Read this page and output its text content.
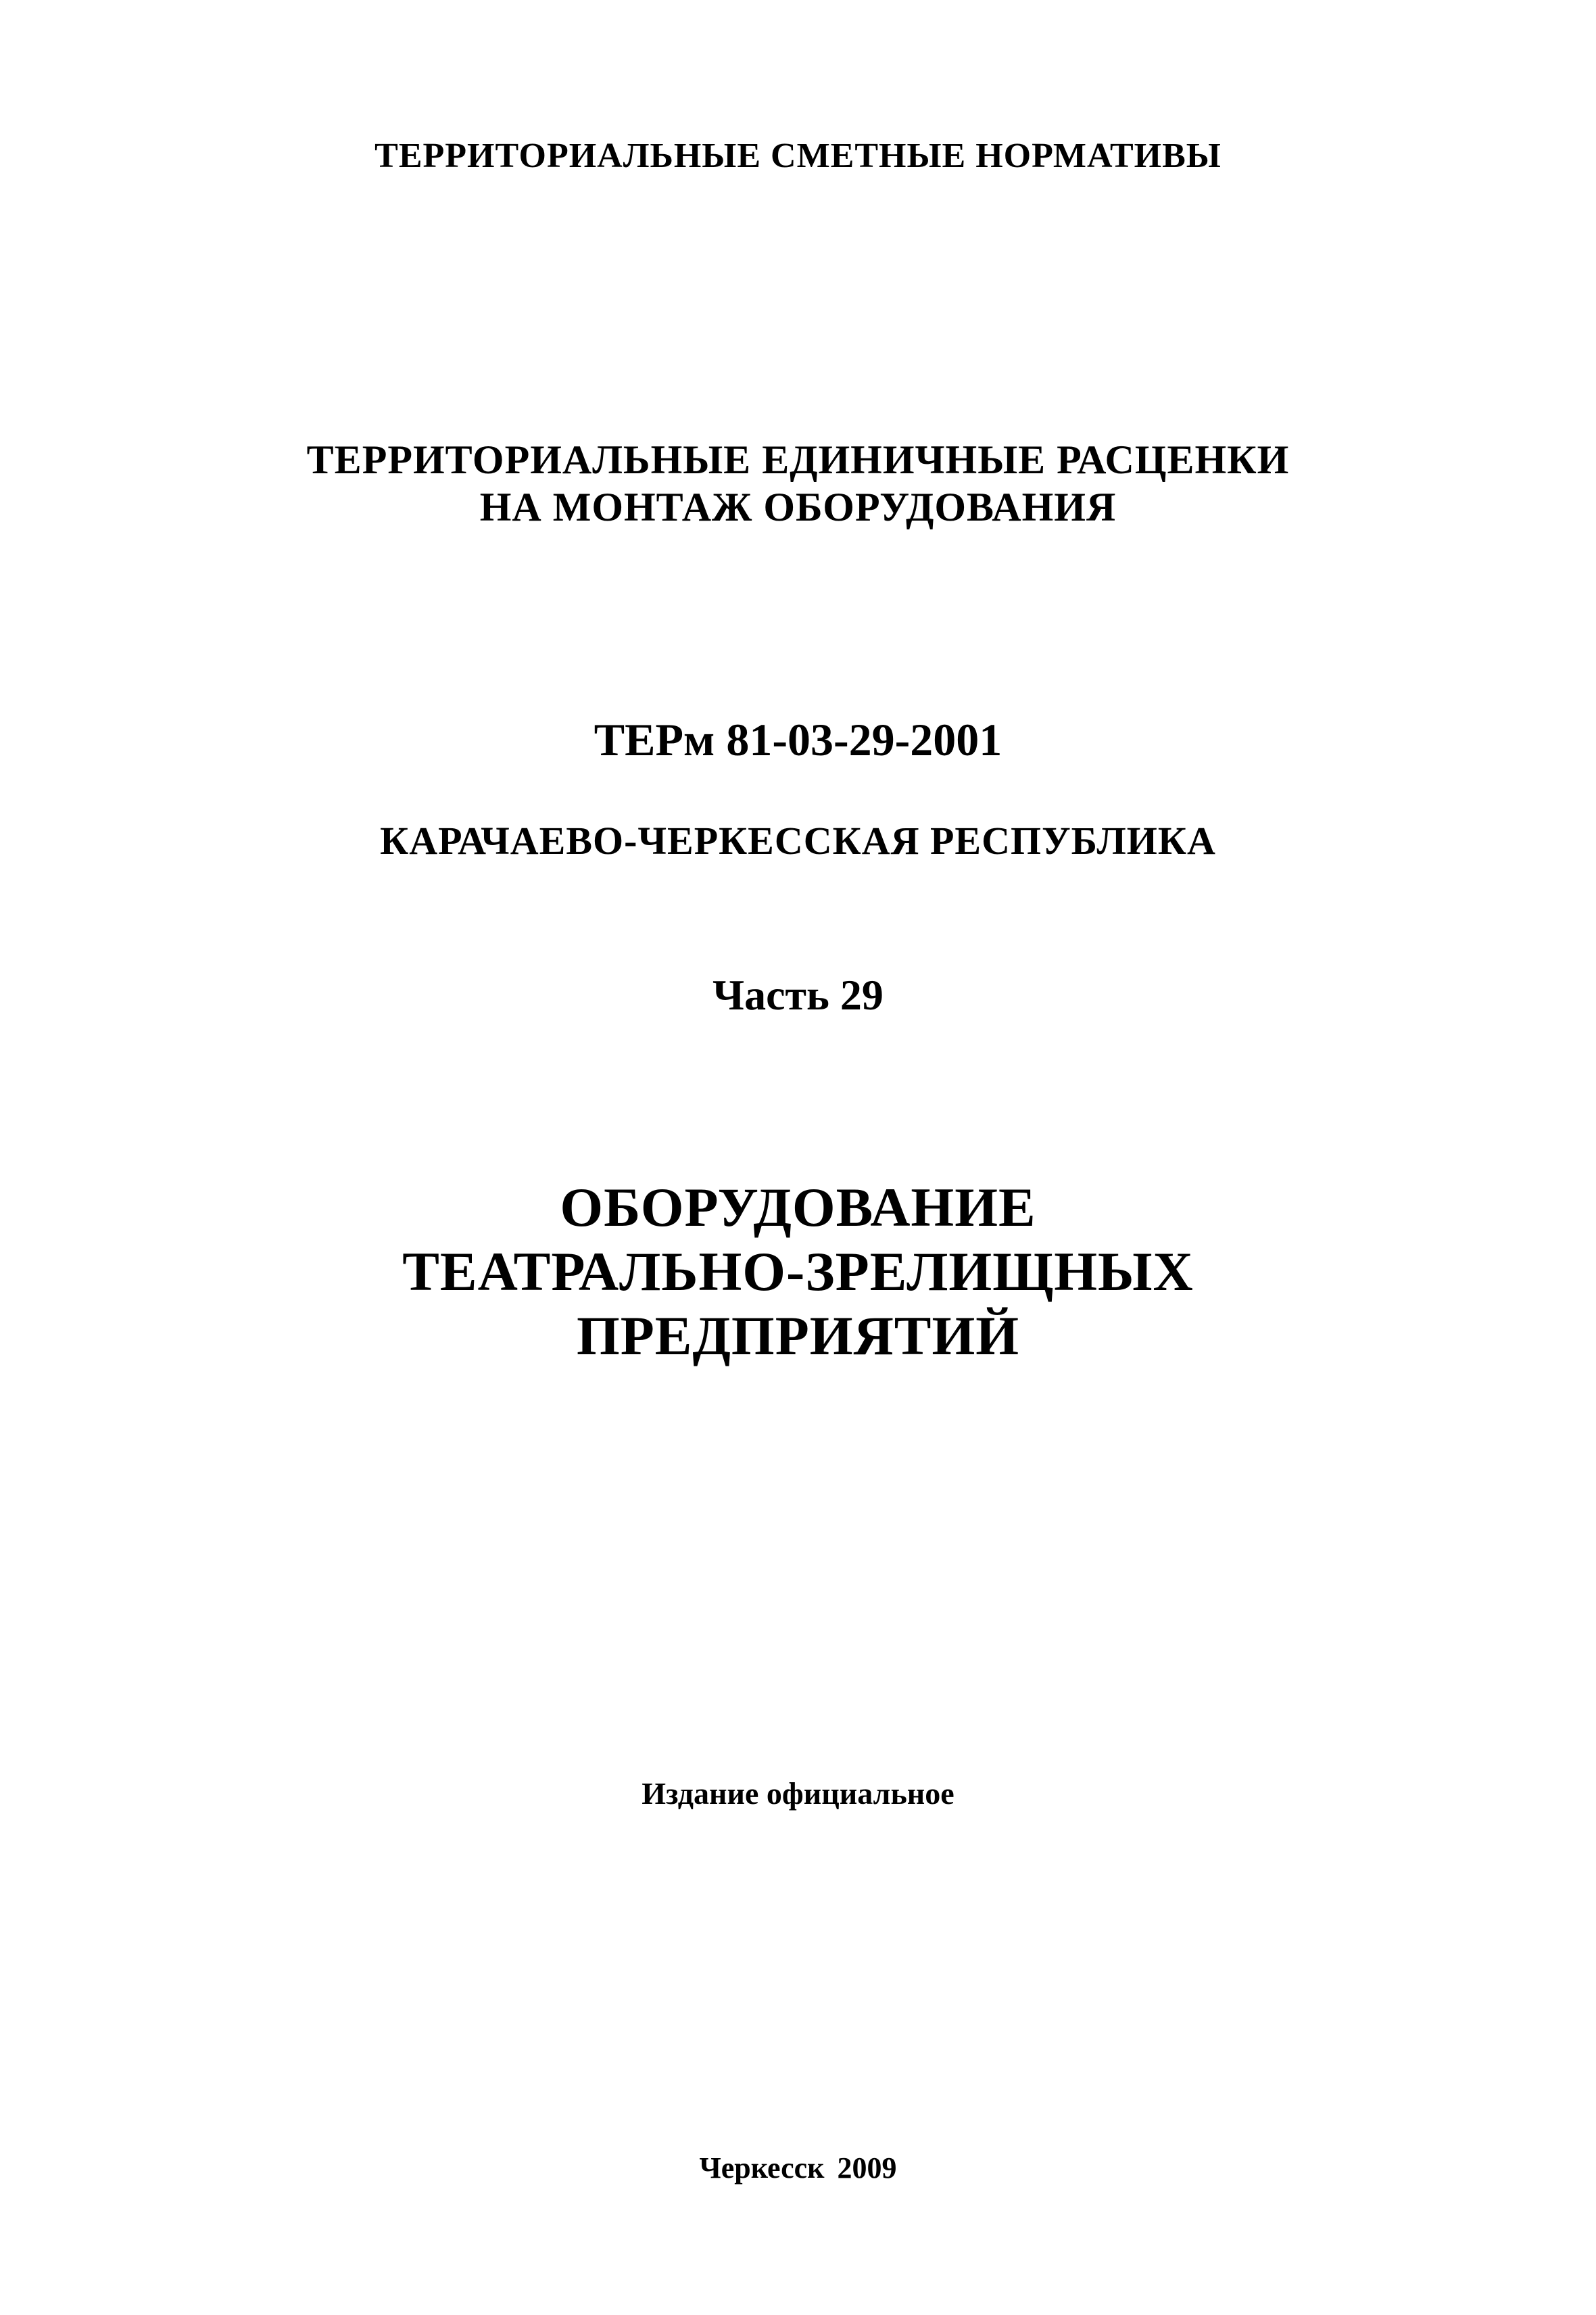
ТЕРРИТОРИАЛЬНЫЕ СМЕТНЫЕ НОРМАТИВЫ
ТЕРРИТОРИАЛЬНЫЕ ЕДИНИЧНЫЕ РАСЦЕНКИ
НА МОНТАЖ ОБОРУДОВАНИЯ
ТЕРм 81-03-29-2001
КАРАЧАЕВО-ЧЕРКЕССКАЯ РЕСПУБЛИКА
Часть 29
ОБОРУДОВАНИЕ
ТЕАТРАЛЬНО-ЗРЕЛИЩНЫХ
ПРЕДПРИЯТИЙ
Издание официальное
Черкесск 2009
